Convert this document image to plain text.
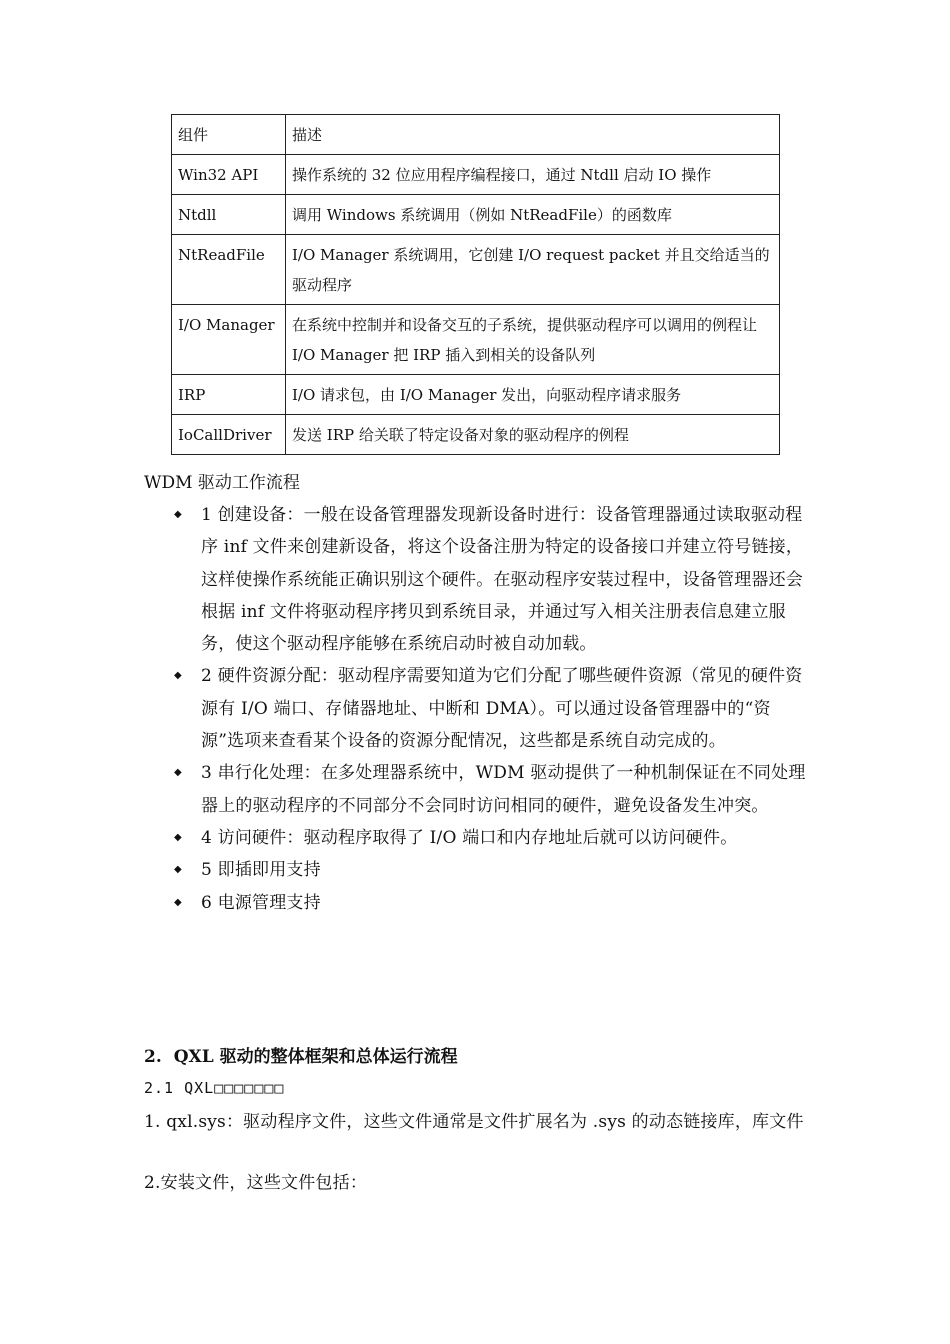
组件	描述
Win32 API	操作系统的 32 位应用程序编程接口，通过 Ntdll 启动 IO 操作
Ntdll	调用 Windows 系统调用（例如 NtReadFile）的函数库
NtReadFile	I/O Manager 系统调用，它创建 I/O request packet 并且交给适当的驱动程序
I/O Manager	在系统中控制并和设备交互的子系统，提供驱动程序可以调用的例程让 I/O Manager 把 IRP 插入到相关的设备队列
IRP	I/O 请求包，由 I/O Manager 发出，向驱动程序请求服务
IoCallDriver	发送 IRP 给关联了特定设备对象的驱动程序的例程
WDM 驱动工作流程
◆ 1 创建设备：一般在设备管理器发现新设备时进行：设备管理器通过读取驱动程序 inf 文件来创建新设备，将这个设备注册为特定的设备接口并建立符号链接，这样使操作系统能正确识别这个硬件。在驱动程序安装过程中，设备管理器还会根据 inf 文件将驱动程序拷贝到系统目录，并通过写入相关注册表信息建立服务，使这个驱动程序能够在系统启动时被自动加载。
◆ 2 硬件资源分配：驱动程序需要知道为它们分配了哪些硬件资源（常见的硬件资源有 I/O 端口、存储器地址、中断和 DMA）。可以通过设备管理器中的“资源”选项来查看某个设备的资源分配情况，这些都是系统自动完成的。
◆ 3 串行化处理：在多处理器系统中，WDM 驱动提供了一种机制保证在不同处理器上的驱动程序的不同部分不会同时访问相同的硬件，避免设备发生冲突。
◆ 4 访问硬件：驱动程序取得了 I/O 端口和内存地址后就可以访问硬件。
◆ 5 即插即用支持
◆ 6 电源管理支持
2. QXL 驱动的整体框架和总体运行流程
2.1 QXL□□□□□□□
1. qxl.sys：驱动程序文件，这些文件通常是文件扩展名为 .sys 的动态链接库，库文件
2.安装文件，这些文件包括：
